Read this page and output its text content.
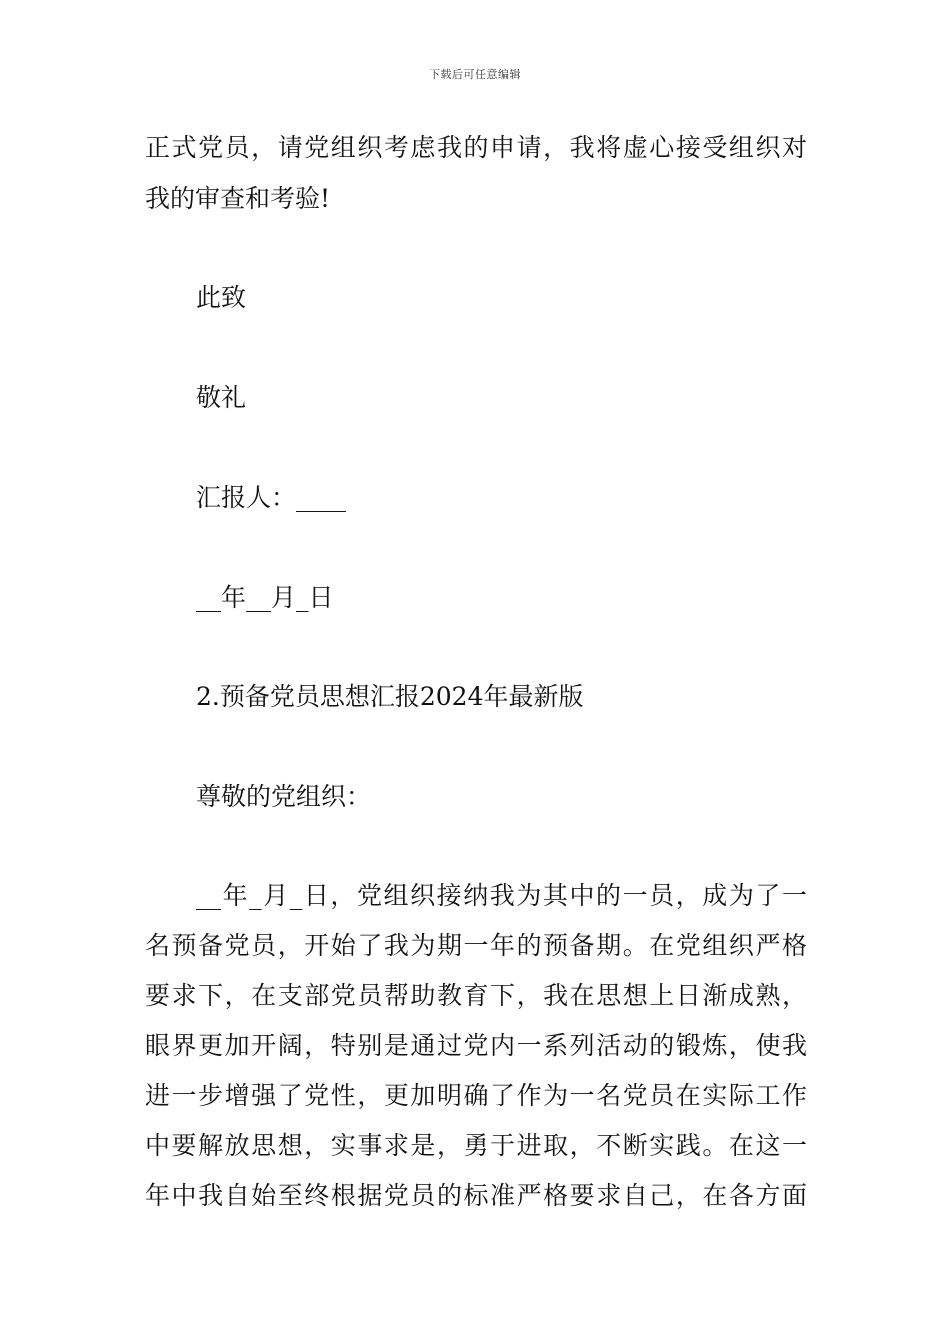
下载后可任意编辑
正式党员，请党组织考虑我的申请，我将虚心接受组织对
我的审查和考验!
此致
敬礼
汇报人：____
__年__月_日
2.预备党员思想汇报2024年最新版
尊敬的党组织：
__年_月_日，党组织接纳我为其中的一员，成为了一
名预备党员，开始了我为期一年的预备期。在党组织严格
要求下，在支部党员帮助教育下，我在思想上日渐成熟，
眼界更加开阔，特别是通过党内一系列活动的锻炼，使我
进一步增强了党性，更加明确了作为一名党员在实际工作
中要解放思想，实事求是，勇于进取，不断实践。在这一
年中我自始至终根据党员的标准严格要求自己，在各方面
